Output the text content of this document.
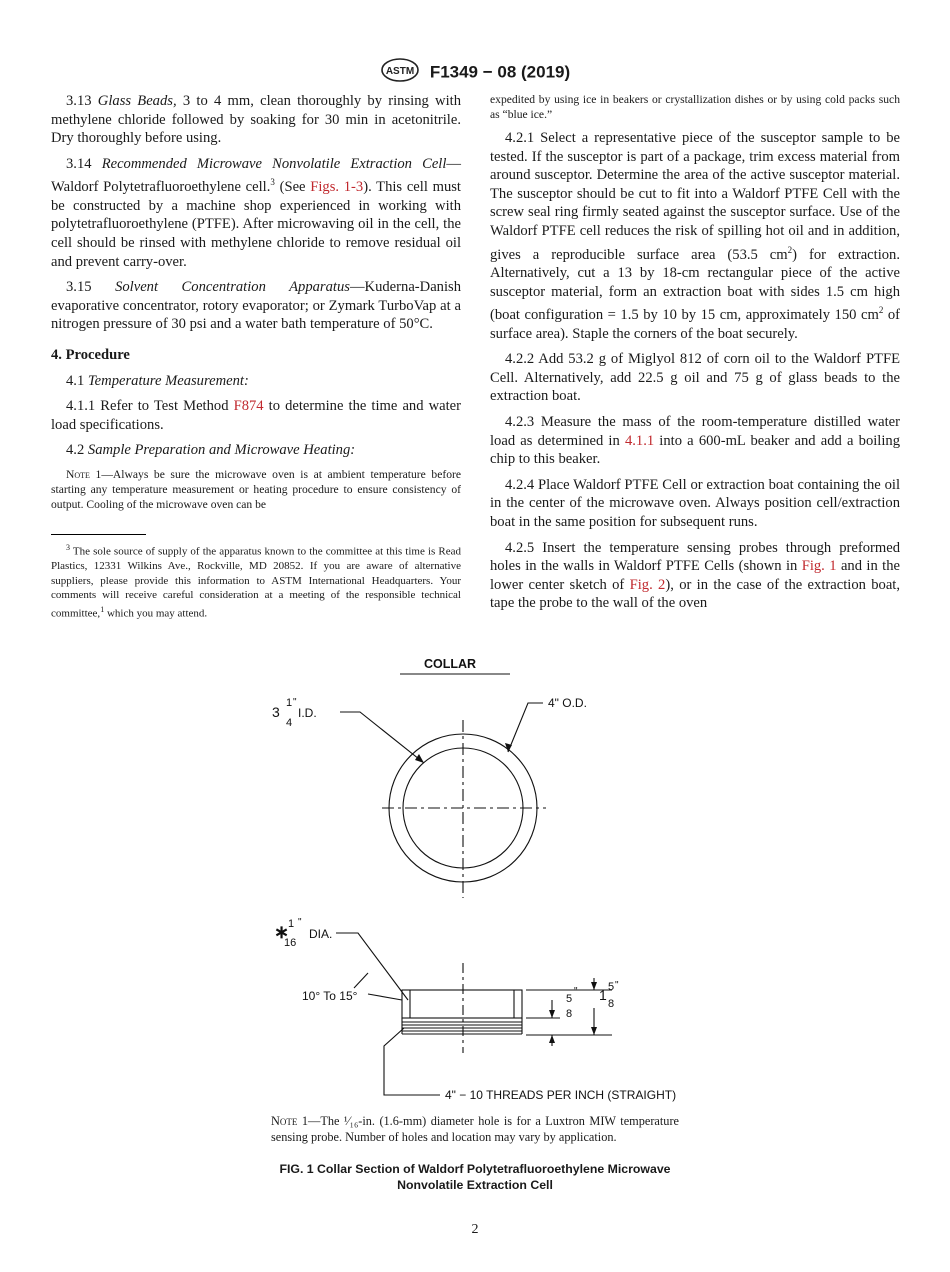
ASTM F1349 − 08 (2019)

3.13 Glass Beads, 3 to 4 mm, clean thoroughly by rinsing with methylene chloride followed by soaking for 30 min in acetonitrile. Dry thoroughly before using.

3.14 Recommended Microwave Nonvolatile Extraction Cell—Waldorf Polytetrafluoroethylene cell.$^3$ (See Figs. 1-3). This cell must be constructed by a machine shop experienced in working with polytetrafluoroethylene (PTFE). After microwaving oil in the cell, the cell should be rinsed with methylene chloride to remove residual oil and prevent carry-over.

3.15 Solvent Concentration Apparatus—Kuderna-Danish evaporative concentrator, rotory evaporator; or Zymark TurboVap at a nitrogen pressure of 30 psi and a water bath temperature of 50°C.

4. Procedure

4.1 Temperature Measurement:

4.1.1 Refer to Test Method F874 to determine the time and water load specifications.

4.2 Sample Preparation and Microwave Heating:

Note 1—Always be sure the microwave oven is at ambient temperature before starting any temperature measurement or heating procedure to ensure consistency of output. Cooling of the microwave oven can be

$^3$ The sole source of supply of the apparatus known to the committee at this time is Read Plastics, 12331 Wilkins Ave., Rockville, MD 20852. If you are aware of alternative suppliers, please provide this information to ASTM International Headquarters. Your comments will receive careful consideration at a meeting of the responsible technical committee,$^1$ which you may attend.

expedited by using ice in beakers or crystallization dishes or by using cold packs such as “blue ice.”

4.2.1 Select a representative piece of the susceptor sample to be tested. If the susceptor is part of a package, trim excess material from around susceptor. Determine the area of the active susceptor material. The susceptor should be cut to fit into a Waldorf PTFE Cell with the screw seal ring firmly seated against the susceptor surface. Use of the Waldorf PTFE cell reduces the risk of spilling hot oil and in addition, gives a reproducible surface area (53.5 $cm^2$) for extraction. Alternatively, cut a 13 by 18-cm rectangular piece of the active susceptor material, form an extraction boat with sides 1.5 cm high (boat configuration = 1.5 by 10 by 15 cm, approximately 150 $cm^2$ of surface area). Staple the corners of the boat securely.

4.2.2 Add 53.2 g of Miglyol 812 of corn oil to the Waldorf PTFE Cell. Alternatively, add 22.5 g oil and 75 g of glass beads to the extraction boat.

4.2.3 Measure the mass of the room-temperature distilled water load as determined in 4.1.1 into a 600-mL beaker and add a boiling chip to this beaker.

4.2.4 Place Waldorf PTFE Cell or extraction boat containing the oil in the center of the microwave oven. Always position cell/extraction boat in the same position for subsequent runs.

4.2.5 Insert the temperature sensing probes through preformed holes in the walls in Waldorf PTFE Cells (shown in Fig. 1 and in the lower center sketch of Fig. 2), or in the case of the extraction boat, tape the probe to the wall of the oven

COLLAR
3
1
4
"
I.D.
4" O.D.
∗
1
16
"
DIA.
10° To 15°	5
8
" 1 5
8
"
4" − 10 THREADS PER INCH (STRAIGHT)
Note 1—The ¹⁄₁₆-in. (1.6-mm) diameter hole is for a Luxtron MIW temperature sensing probe. Number of holes and location may vary by application.
FIG. 1 Collar Section of Waldorf Polytetrafluoroethylene Microwave Nonvolatile Extraction Cell
2
